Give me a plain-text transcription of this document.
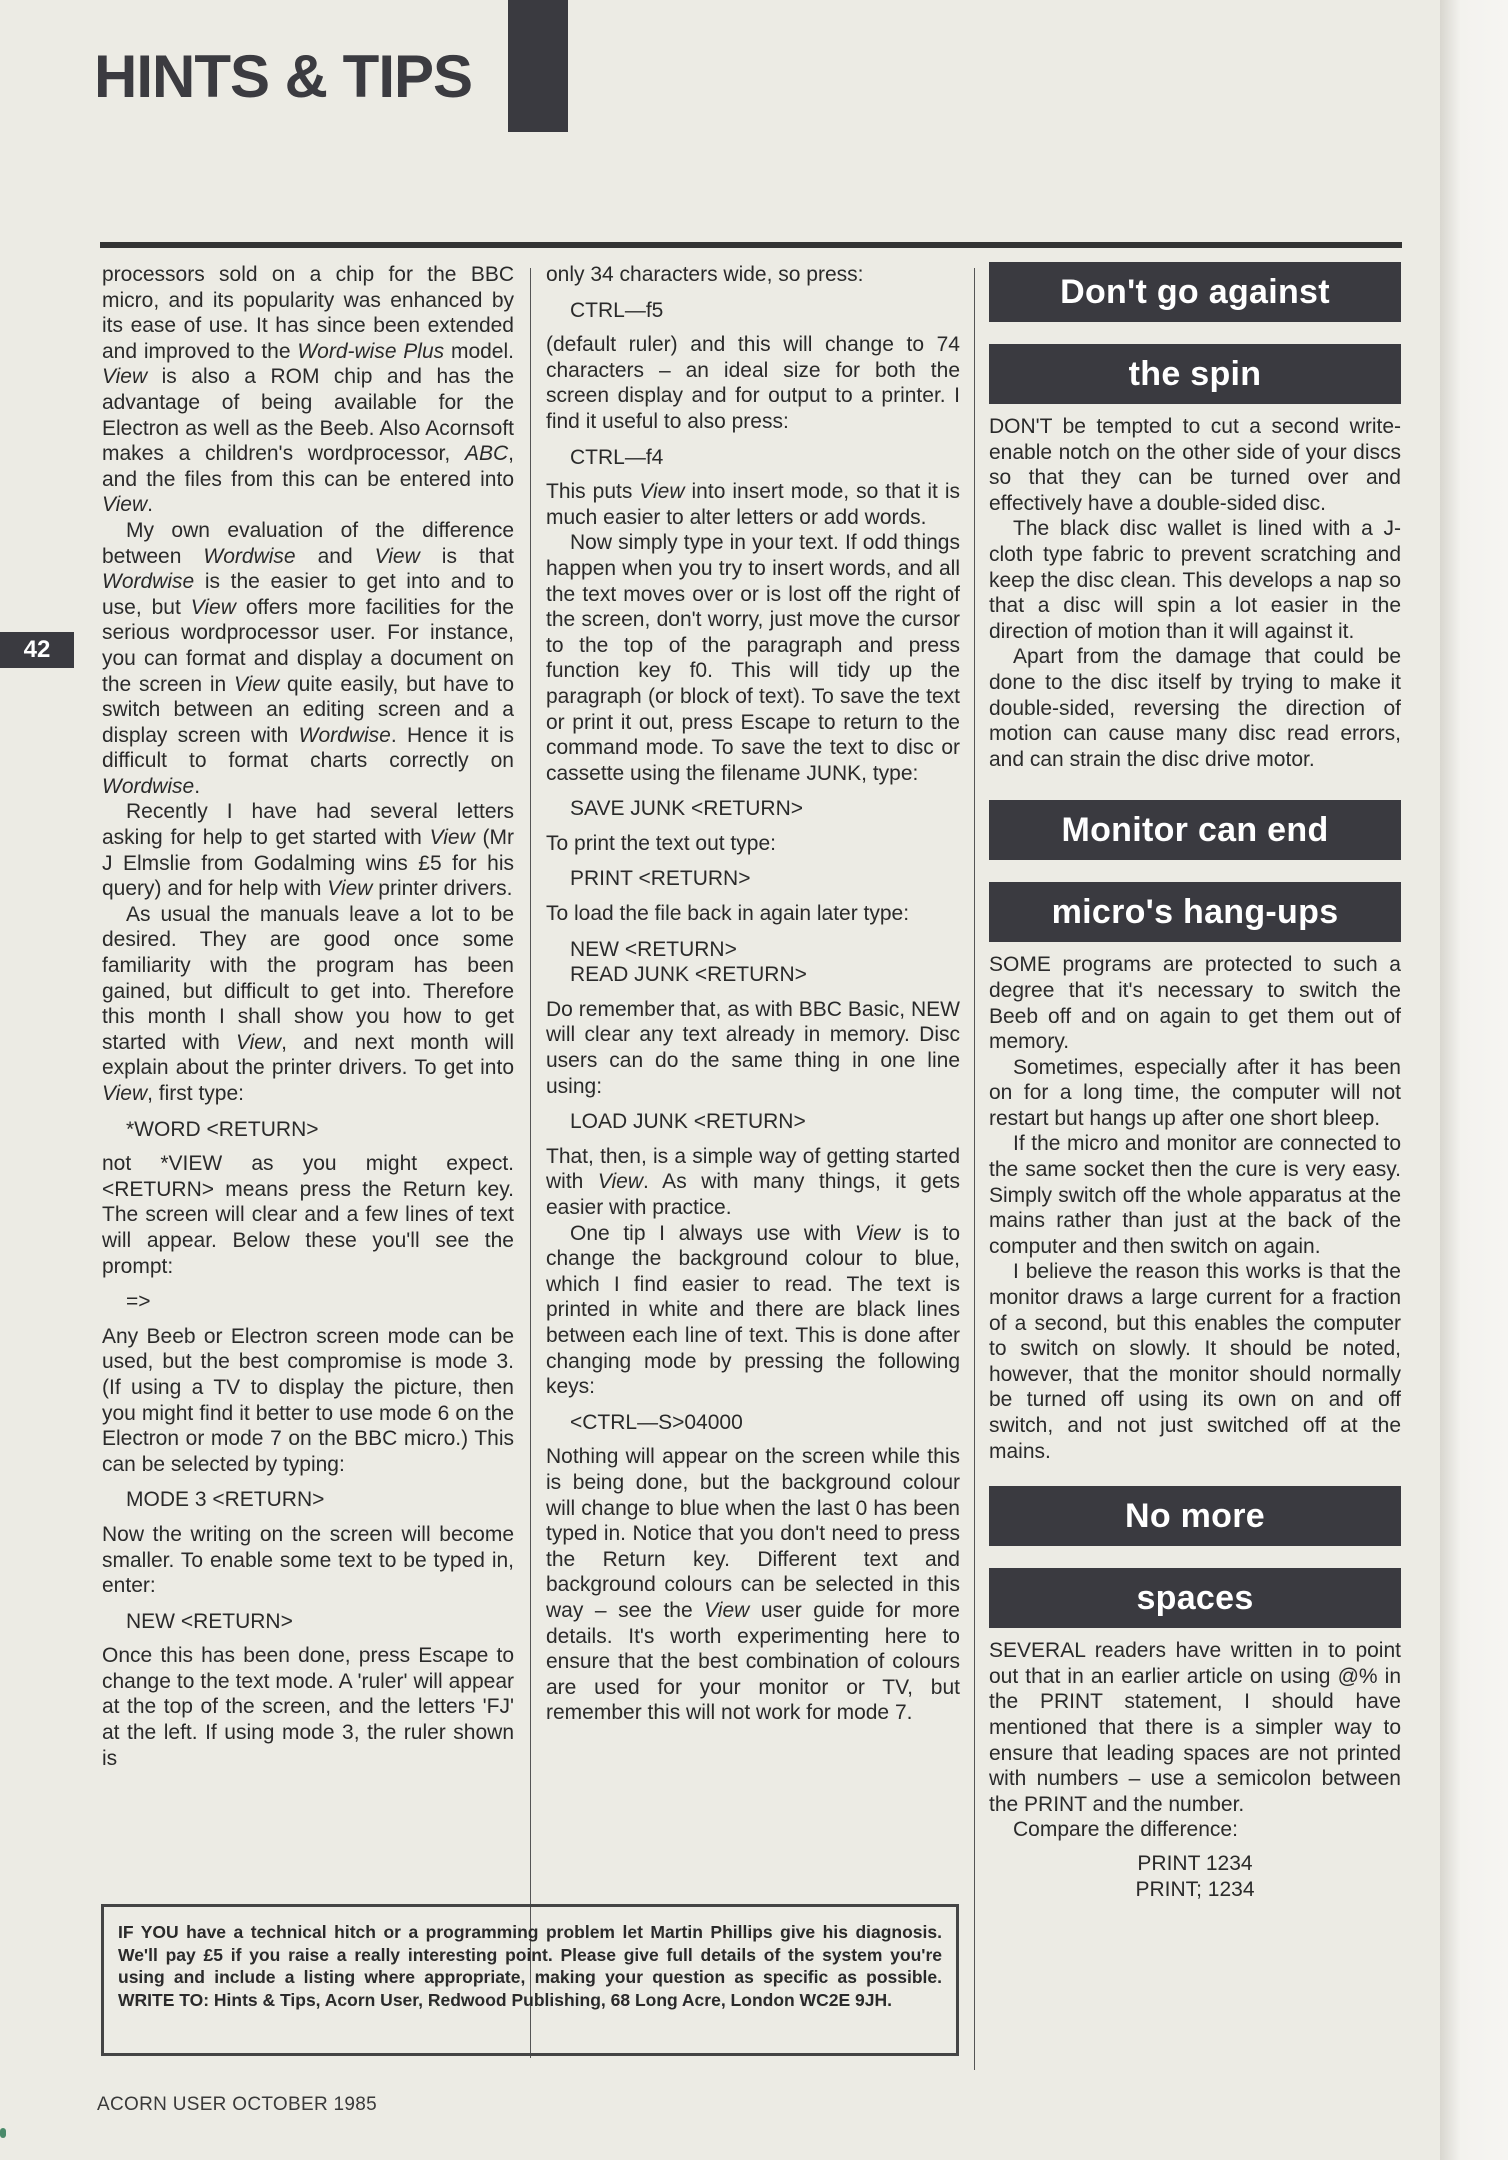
HINTS & TIPS
42

processors sold on a chip for the BBC micro, and its popularity was enhanced by its ease of use. It has since been extended and improved to the Word-wise Plus model. View is also a ROM chip and has the advantage of being available for the Electron as well as the Beeb. Also Acornsoft makes a children's wordprocessor, ABC, and the files from this can be entered into View.

My own evaluation of the difference between Wordwise and View is that Wordwise is the easier to get into and to use, but View offers more facilities for the serious wordprocessor user. For instance, you can format and display a document on the screen in View quite easily, but have to switch between an editing screen and a display screen with Wordwise. Hence it is difficult to format charts correctly on Wordwise.

Recently I have had several letters asking for help to get started with View (Mr J Elmslie from Godalming wins £5 for his query) and for help with View printer drivers.

As usual the manuals leave a lot to be desired. They are good once some familiarity with the program has been gained, but difficult to get into. Therefore this month I shall show you how to get started with View, and next month will explain about the printer drivers. To get into View, first type:

*WORD <RETURN>

not *VIEW as you might expect. <RETURN> means press the Return key. The screen will clear and a few lines of text will appear. Below these you'll see the prompt:

=>

Any Beeb or Electron screen mode can be used, but the best compromise is mode 3. (If using a TV to display the picture, then you might find it better to use mode 6 on the Electron or mode 7 on the BBC micro.) This can be selected by typing:

MODE 3 <RETURN>

Now the writing on the screen will become smaller. To enable some text to be typed in, enter:

NEW <RETURN>

Once this has been done, press Escape to change to the text mode. A 'ruler' will appear at the top of the screen, and the letters 'FJ' at the left. If using mode 3, the ruler shown is

only 34 characters wide, so press:

CTRL—f5

(default ruler) and this will change to 74 characters – an ideal size for both the screen display and for output to a printer. I find it useful to also press:

CTRL—f4

This puts View into insert mode, so that it is much easier to alter letters or add words.

Now simply type in your text. If odd things happen when you try to insert words, and all the text moves over or is lost off the right of the screen, don't worry, just move the cursor to the top of the paragraph and press function key f0. This will tidy up the paragraph (or block of text). To save the text or print it out, press Escape to return to the command mode. To save the text to disc or cassette using the filename JUNK, type:

SAVE JUNK <RETURN>

To print the text out type:

PRINT <RETURN>

To load the file back in again later type:

NEW <RETURN>
READ JUNK <RETURN>

Do remember that, as with BBC Basic, NEW will clear any text already in memory. Disc users can do the same thing in one line using:

LOAD JUNK <RETURN>

That, then, is a simple way of getting started with View. As with many things, it gets easier with practice.

One tip I always use with View is to change the background colour to blue, which I find easier to read. The text is printed in white and there are black lines between each line of text. This is done after changing mode by pressing the following keys:

<CTRL—S>04000

Nothing will appear on the screen while this is being done, but the background colour will change to blue when the last 0 has been typed in. Notice that you don't need to press the Return key. Different text and background colours can be selected in this way – see the View user guide for more details. It's worth experimenting here to ensure that the best combination of colours are used for your monitor or TV, but remember this will not work for mode 7.

Don't go against
the spin

DON'T be tempted to cut a second write-enable notch on the other side of your discs so that they can be turned over and effectively have a double-sided disc.

The black disc wallet is lined with a J-cloth type fabric to prevent scratching and keep the disc clean. This develops a nap so that a disc will spin a lot easier in the direction of motion than it will against it.

Apart from the damage that could be done to the disc itself by trying to make it double-sided, reversing the direction of motion can cause many disc read errors, and can strain the disc drive motor.

Monitor can end
micro's hang-ups

SOME programs are protected to such a degree that it's necessary to switch the Beeb off and on again to get them out of memory.

Sometimes, especially after it has been on for a long time, the computer will not restart but hangs up after one short bleep.

If the micro and monitor are connected to the same socket then the cure is very easy. Simply switch off the whole apparatus at the mains rather than just at the back of the computer and then switch on again.

I believe the reason this works is that the monitor draws a large current for a fraction of a second, but this enables the computer to switch on slowly. It should be noted, however, that the monitor should normally be turned off using its own on and off switch, and not just switched off at the mains.

No more
spaces

SEVERAL readers have written in to point out that in an earlier article on using @% in the PRINT statement, I should have mentioned that there is a simpler way to ensure that leading spaces are not printed with numbers – use a semicolon between the PRINT and the number.

Compare the difference:

PRINT 1234
PRINT; 1234
IF YOU have a technical hitch or a programming problem let Martin Phillips give his diagnosis. We'll pay £5 if you raise a really interesting point. Please give full details of the system you're using and include a listing where appropriate, making your question as specific as possible. WRITE TO: Hints & Tips, Acorn User, Redwood Publishing, 68 Long Acre, London WC2E 9JH.
ACORN USER OCTOBER 1985
